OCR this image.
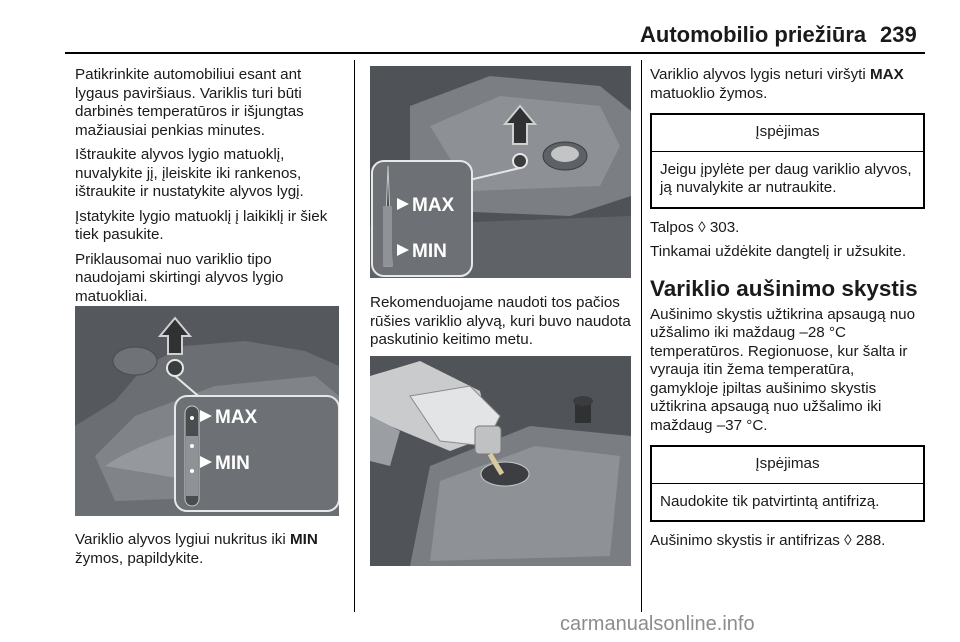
Automobilio priežiūra 239

Patikrinkite automobiliui esant ant lygaus paviršiaus. Variklis turi būti darbinės temperatūros ir išjungtas mažiausiai penkias minutes.

Ištraukite alyvos lygio matuoklį, nuvalykite jį, įleiskite iki rankenos, ištraukite ir nustatykite alyvos lygį.

Įstatykite lygio matuoklį į laikiklį ir šiek tiek pasukite.

Priklausomai nuo variklio tipo naudojami skirtingi alyvos lygio matuokliai.

MAX
MIN
Variklio alyvos lygiui nukritus iki MIN žymos, papildykite.
MAX
MIN

Rekomenduojame naudoti tos pačios rūšies variklio alyvą, kuri buvo naudota paskutinio keitimo metu.

Variklio alyvos lygis neturi viršyti MAX matuoklio žymos.

Įspėjimas
Jeigu įpylėte per daug variklio alyvos, ją nuvalykite ar nutraukite.

Talpos ◊ 303.

Tinkamai uždėkite dangtelį ir užsukite.

Variklio aušinimo skystis

Aušinimo skystis užtikrina apsaugą nuo užšalimo iki maždaug –28 °C temperatūros. Regionuose, kur šalta ir vyrauja itin žema temperatūra, gamykloje įpiltas aušinimo skystis užtikrina apsaugą nuo užšalimo iki maždaug –37 °C.

Įspėjimas
Naudokite tik patvirtintą antifrizą.

Aušinimo skystis ir antifrizas ◊ 288.

carmanualsonline.info
